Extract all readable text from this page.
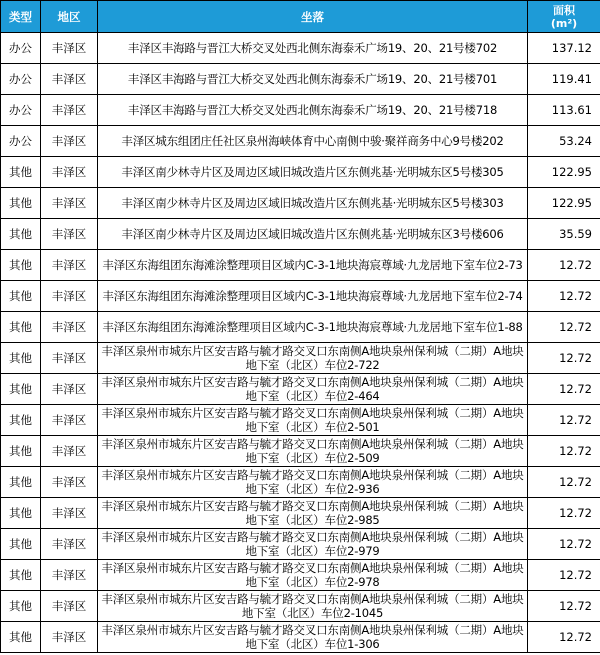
类型	地区	坐落	面积
(m²)

办公	丰泽区	丰泽区丰海路与晋江大桥交叉处西北侧东海泰禾广场19、20、21号楼702	137.12
办公	丰泽区	丰泽区丰海路与晋江大桥交叉处西北侧东海泰禾广场19、20、21号楼701	119.41
办公	丰泽区	丰泽区丰海路与晋江大桥交叉处西北侧东海泰禾广场19、20、21号楼718	113.61
办公	丰泽区	丰泽区城东组团庄任社区泉州海峡体育中心南侧中骏·聚祥商务中心9号楼202	53.24
其他	丰泽区	丰泽区南少林寺片区及周边区域旧城改造片区东侧兆基·光明城东区5号楼305	122.95
其他	丰泽区	丰泽区南少林寺片区及周边区域旧城改造片区东侧兆基·光明城东区5号楼303	122.95
其他	丰泽区	丰泽区南少林寺片区及周边区域旧城改造片区东侧兆基·光明城东区3号楼606	35.59
其他	丰泽区	丰泽区东海组团东海滩涂整理项目区域内C-3-1地块海宸尊域·九龙居地下室车位2-73	12.72
其他	丰泽区	丰泽区东海组团东海滩涂整理项目区域内C-3-1地块海宸尊域·九龙居地下室车位2-74	12.72
其他	丰泽区	丰泽区东海组团东海滩涂整理项目区域内C-3-1地块海宸尊域·九龙居地下室车位1-88	12.72
其他	丰泽区	丰泽区泉州市城东片区安吉路与毓才路交叉口东南侧A地块泉州保利城（二期）A地块地下室（北区）车位2-722	12.72
其他	丰泽区	丰泽区泉州市城东片区安吉路与毓才路交叉口东南侧A地块泉州保利城（二期）A地块地下室（北区）车位2-464	12.72
其他	丰泽区	丰泽区泉州市城东片区安吉路与毓才路交叉口东南侧A地块泉州保利城（二期）A地块地下室（北区）车位2-501	12.72
其他	丰泽区	丰泽区泉州市城东片区安吉路与毓才路交叉口东南侧A地块泉州保利城（二期）A地块地下室（北区）车位2-509	12.72
其他	丰泽区	丰泽区泉州市城东片区安吉路与毓才路交叉口东南侧A地块泉州保利城（二期）A地块地下室（北区）车位2-936	12.72
其他	丰泽区	丰泽区泉州市城东片区安吉路与毓才路交叉口东南侧A地块泉州保利城（二期）A地块地下室（北区）车位2-985	12.72
其他	丰泽区	丰泽区泉州市城东片区安吉路与毓才路交叉口东南侧A地块泉州保利城（二期）A地块地下室（北区）车位2-979	12.72
其他	丰泽区	丰泽区泉州市城东片区安吉路与毓才路交叉口东南侧A地块泉州保利城（二期）A地块地下室（北区）车位2-978	12.72
其他	丰泽区	丰泽区泉州市城东片区安吉路与毓才路交叉口东南侧A地块泉州保利城（二期）A地块地下室（北区）车位2-1045	12.72
其他	丰泽区	丰泽区泉州市城东片区安吉路与毓才路交叉口东南侧A地块泉州保利城（二期）A地块地下室（北区）车位1-306	12.72
